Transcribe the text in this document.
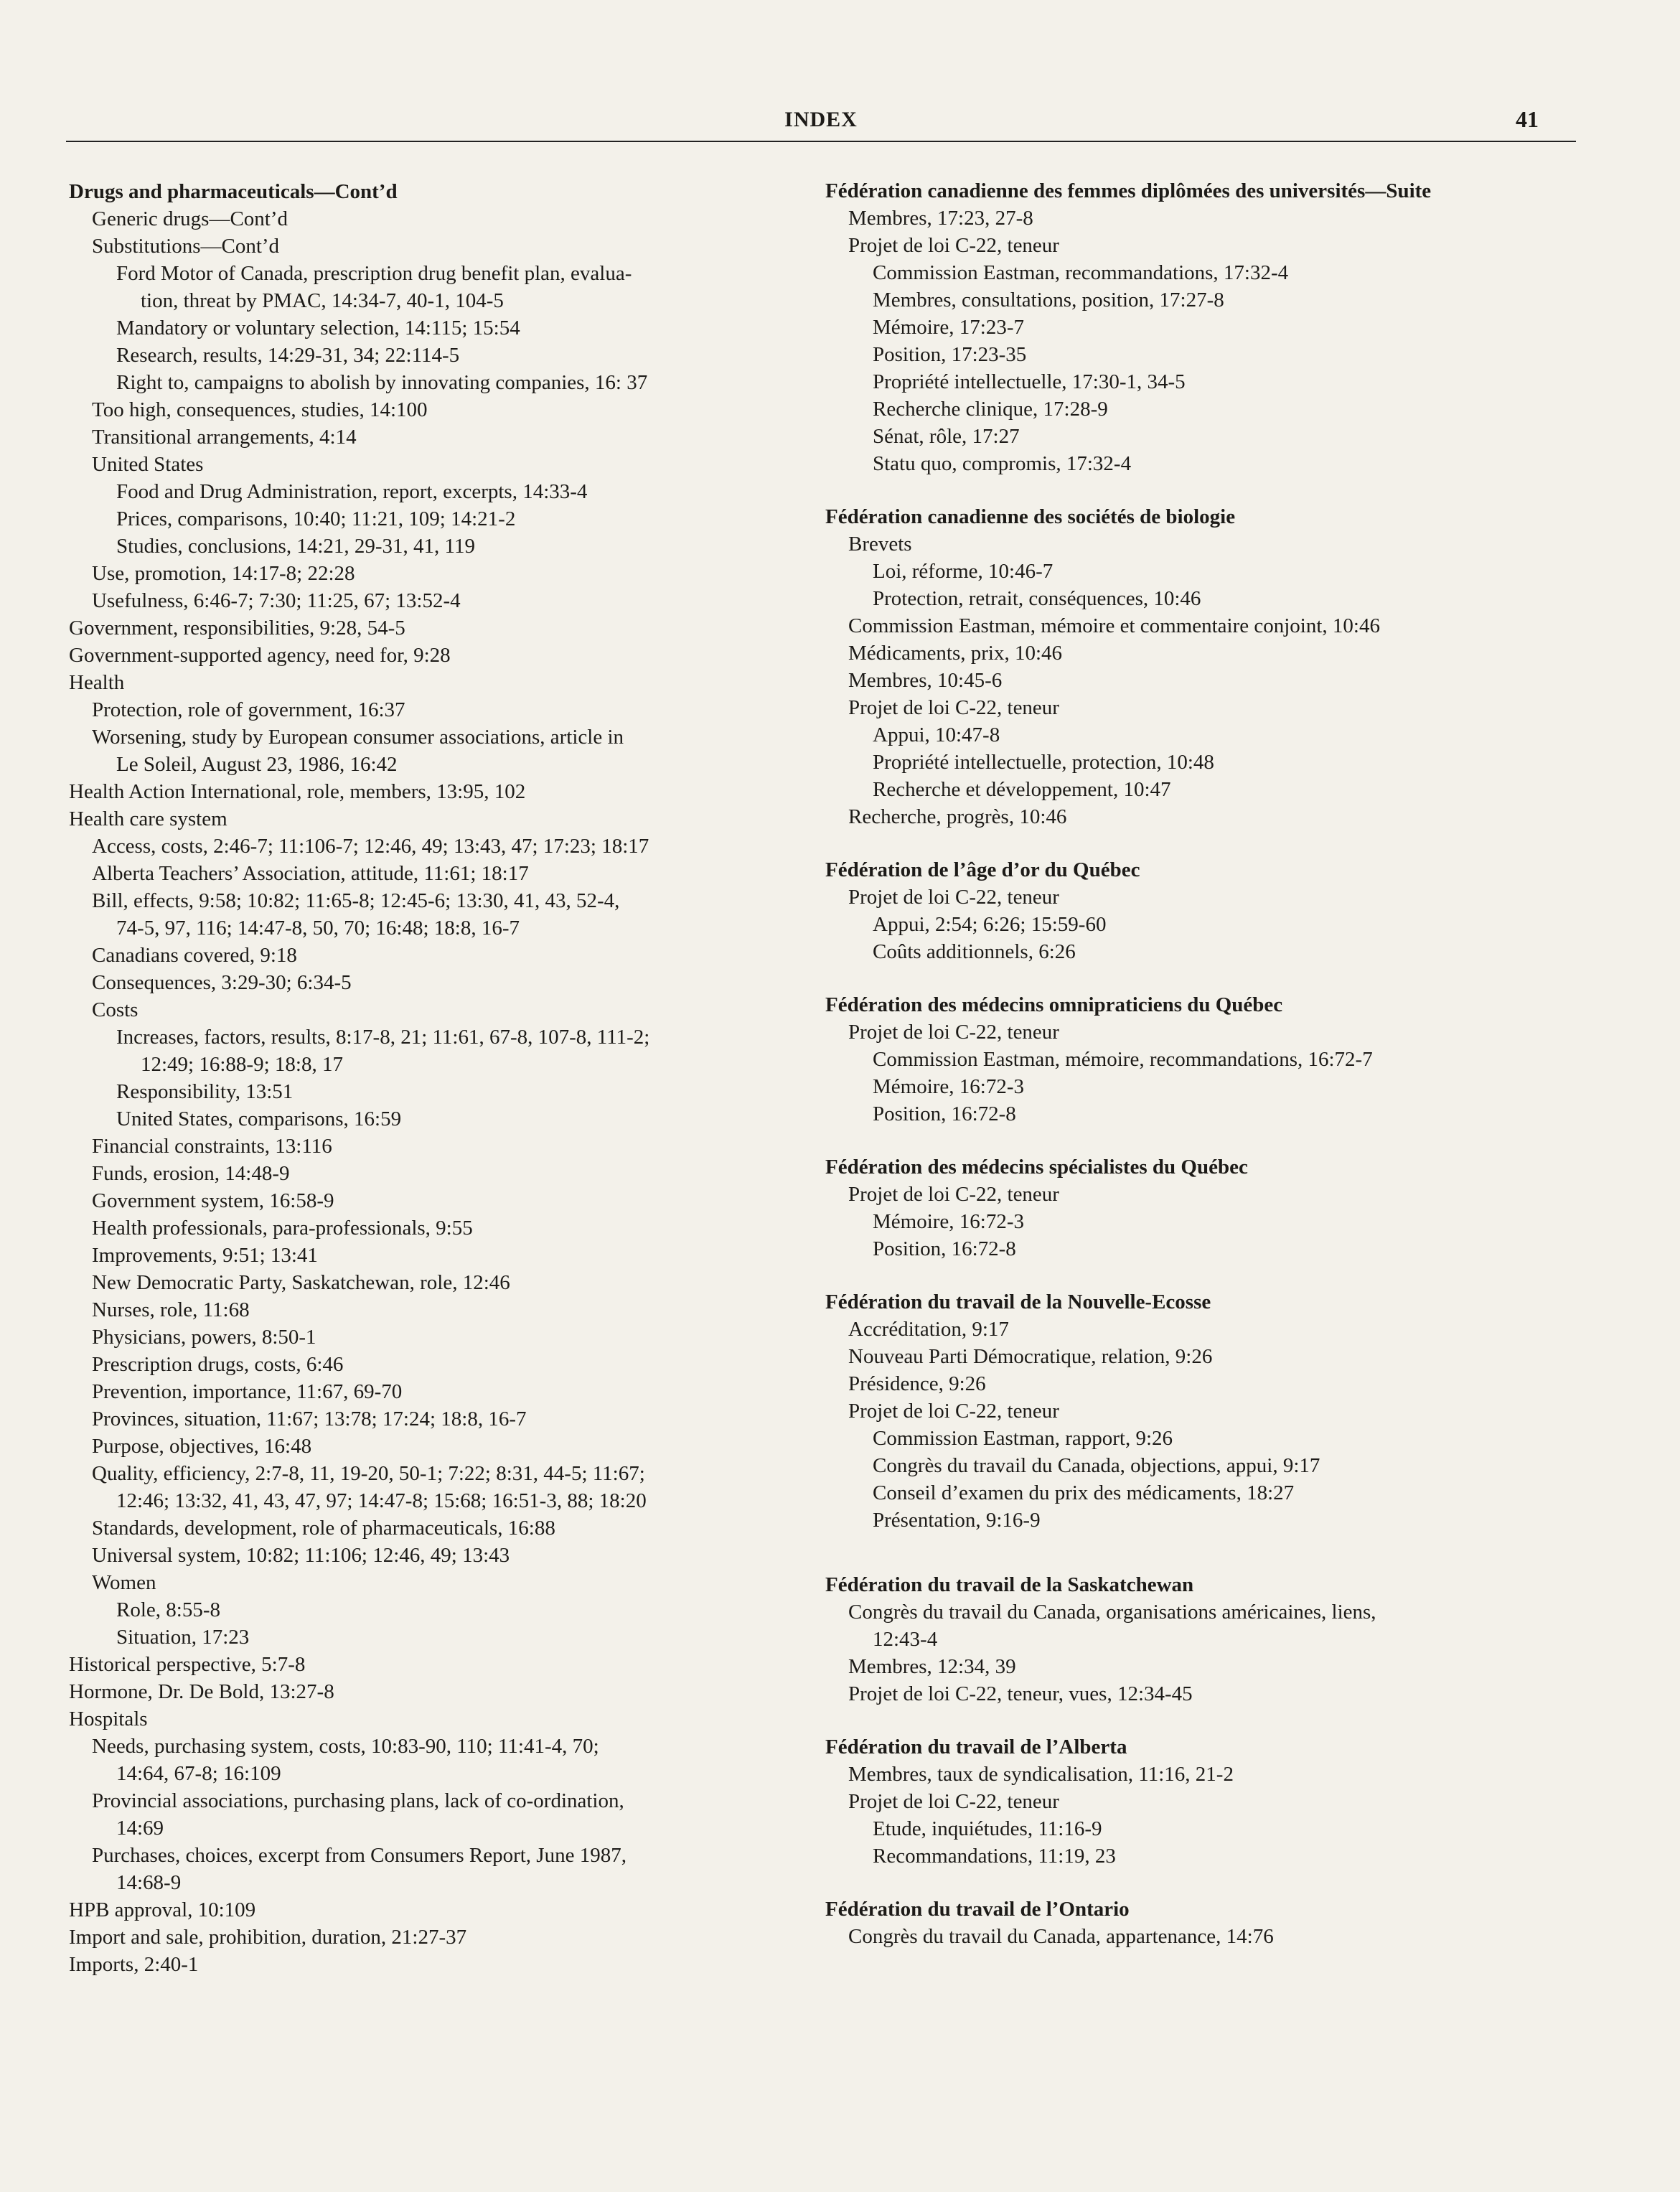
INDEX	41
Drugs and pharmaceuticals—Cont’d
Generic drugs—Cont’d
Substitutions—Cont’d
Ford Motor of Canada, prescription drug benefit plan, evalua-
tion, threat by PMAC, 14:34-7, 40-1, 104-5
Mandatory or voluntary selection, 14:115; 15:54
Research, results, 14:29-31, 34; 22:114-5
Right to, campaigns to abolish by innovating companies, 16: 37
Too high, consequences, studies, 14:100
Transitional arrangements, 4:14
United States
Food and Drug Administration, report, excerpts, 14:33-4
Prices, comparisons, 10:40; 11:21, 109; 14:21-2
Studies, conclusions, 14:21, 29-31, 41, 119
Use, promotion, 14:17-8; 22:28
Usefulness, 6:46-7; 7:30; 11:25, 67; 13:52-4
Government, responsibilities, 9:28, 54-5
Government-supported agency, need for, 9:28
Health
Protection, role of government, 16:37
Worsening, study by European consumer associations, article in
Le Soleil, August 23, 1986, 16:42
Health Action International, role, members, 13:95, 102
Health care system
Access, costs, 2:46-7; 11:106-7; 12:46, 49; 13:43, 47; 17:23; 18:17
Alberta Teachers’ Association, attitude, 11:61; 18:17
Bill, effects, 9:58; 10:82; 11:65-8; 12:45-6; 13:30, 41, 43, 52-4,
74-5, 97, 116; 14:47-8, 50, 70; 16:48; 18:8, 16-7
Canadians covered, 9:18
Consequences, 3:29-30; 6:34-5
Costs
Increases, factors, results, 8:17-8, 21; 11:61, 67-8, 107-8, 111-2;
12:49; 16:88-9; 18:8, 17
Responsibility, 13:51
United States, comparisons, 16:59
Financial constraints, 13:116
Funds, erosion, 14:48-9
Government system, 16:58-9
Health professionals, para-professionals, 9:55
Improvements, 9:51; 13:41
New Democratic Party, Saskatchewan, role, 12:46
Nurses, role, 11:68
Physicians, powers, 8:50-1
Prescription drugs, costs, 6:46
Prevention, importance, 11:67, 69-70
Provinces, situation, 11:67; 13:78; 17:24; 18:8, 16-7
Purpose, objectives, 16:48
Quality, efficiency, 2:7-8, 11, 19-20, 50-1; 7:22; 8:31, 44-5; 11:67;
12:46; 13:32, 41, 43, 47, 97; 14:47-8; 15:68; 16:51-3, 88; 18:20
Standards, development, role of pharmaceuticals, 16:88
Universal system, 10:82; 11:106; 12:46, 49; 13:43
Women
Role, 8:55-8
Situation, 17:23
Historical perspective, 5:7-8
Hormone, Dr. De Bold, 13:27-8
Hospitals
Needs, purchasing system, costs, 10:83-90, 110; 11:41-4, 70;
14:64, 67-8; 16:109
Provincial associations, purchasing plans, lack of co-ordination,
14:69
Purchases, choices, excerpt from Consumers Report, June 1987,
14:68-9
HPB approval, 10:109
Import and sale, prohibition, duration, 21:27-37
Imports, 2:40-1
Fédération canadienne des femmes diplômées des universités—Suite
Membres, 17:23, 27-8
Projet de loi C-22, teneur
Commission Eastman, recommandations, 17:32-4
Membres, consultations, position, 17:27-8
Mémoire, 17:23-7
Position, 17:23-35
Propriété intellectuelle, 17:30-1, 34-5
Recherche clinique, 17:28-9
Sénat, rôle, 17:27
Statu quo, compromis, 17:32-4
Fédération canadienne des sociétés de biologie
Brevets
Loi, réforme, 10:46-7
Protection, retrait, conséquences, 10:46
Commission Eastman, mémoire et commentaire conjoint, 10:46
Médicaments, prix, 10:46
Membres, 10:45-6
Projet de loi C-22, teneur
Appui, 10:47-8
Propriété intellectuelle, protection, 10:48
Recherche et développement, 10:47
Recherche, progrès, 10:46
Fédération de l’âge d’or du Québec
Projet de loi C-22, teneur
Appui, 2:54; 6:26; 15:59-60
Coûts additionnels, 6:26
Fédération des médecins omnipraticiens du Québec
Projet de loi C-22, teneur
Commission Eastman, mémoire, recommandations, 16:72-7
Mémoire, 16:72-3
Position, 16:72-8
Fédération des médecins spécialistes du Québec
Projet de loi C-22, teneur
Mémoire, 16:72-3
Position, 16:72-8
Fédération du travail de la Nouvelle-Ecosse
Accréditation, 9:17
Nouveau Parti Démocratique, relation, 9:26
Présidence, 9:26
Projet de loi C-22, teneur
Commission Eastman, rapport, 9:26
Congrès du travail du Canada, objections, appui, 9:17
Conseil d’examen du prix des médicaments, 18:27
Présentation, 9:16-9
Fédération du travail de la Saskatchewan
Congrès du travail du Canada, organisations américaines, liens,
12:43-4
Membres, 12:34, 39
Projet de loi C-22, teneur, vues, 12:34-45
Fédération du travail de l’Alberta
Membres, taux de syndicalisation, 11:16, 21-2
Projet de loi C-22, teneur
Etude, inquiétudes, 11:16-9
Recommandations, 11:19, 23
Fédération du travail de l’Ontario
Congrès du travail du Canada, appartenance, 14:76
